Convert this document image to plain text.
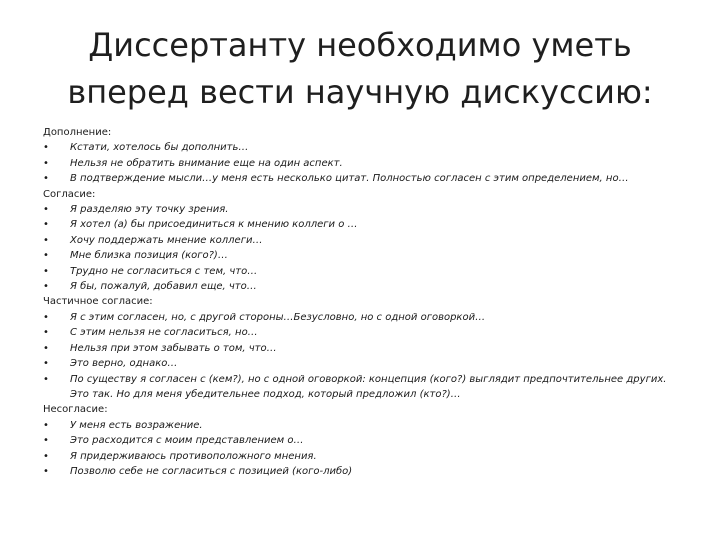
Диссертанту необходимо уметь
вперед вести научную дискуссию:
Дополнение:
• Кстати, хотелось бы дополнить…
• Нельзя не обратить внимание еще на один аспект.
• В подтверждение мысли…у меня есть несколько цитат. Полностью согласен с этим определением, но…
Согласие:
• Я разделяю эту точку зрения.
• Я хотел (а) бы присоединиться к мнению коллеги о …
• Хочу поддержать мнение коллеги…
• Мне близка позиция (кого?)…
• Трудно не согласиться с тем, что…
• Я бы, пожалуй, добавил еще, что…
Частичное согласие:
• Я с этим согласен, но, с другой стороны…Безусловно, но с одной оговоркой…
• С этим нельзя не согласиться, но…
• Нельзя при этом забывать о том, что…
• Это верно, однако…
• По существу я согласен с (кем?), но с одной оговоркой: концепция (кого?) выглядит предпочтительнее других. Это так. Но для меня убедительнее подход, который предложил (кто?)…
Несогласие:
• У меня есть возражение.
• Это расходится с моим представлением о…
• Я придерживаюсь противоположного мнения.
• Позволю себе не согласиться с позицией (кого-либо)
